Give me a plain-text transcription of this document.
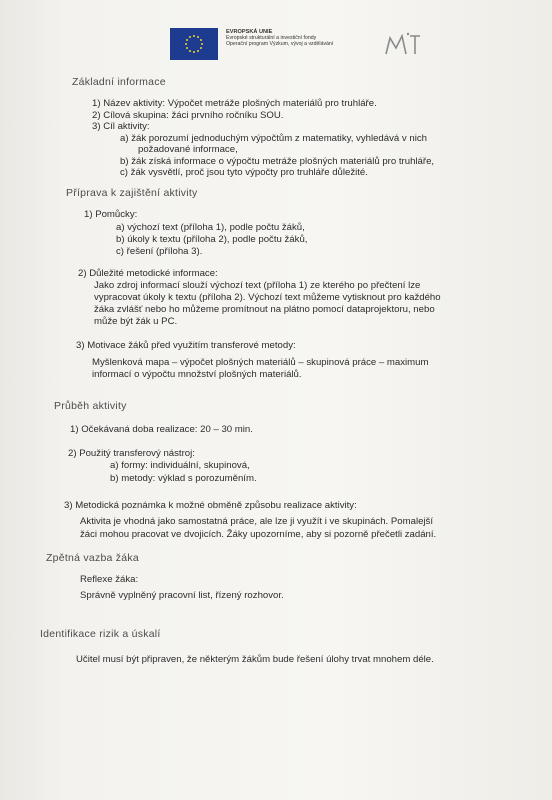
EVROPSKÁ UNIE
Evropské strukturální a investiční fondy
Operační program Výzkum, vývoj a vzdělávání
Základní informace
1) Název aktivity: Výpočet metráže plošných materiálů pro truhláře.
2) Cílová skupina: žáci prvního ročníku SOU.
3) Cíl aktivity:
a) žák porozumí jednoduchým výpočtům z matematiky, vyhledává v nich
požadované informace,
b) žák získá informace o výpočtu metráže plošných materiálů pro truhláře,
c) žák vysvětlí, proč jsou tyto výpočty pro truhláře důležité.
Příprava k zajištění aktivity
1) Pomůcky:
a) výchozí text (příloha 1), podle počtu žáků,
b) úkoly k textu (příloha 2), podle počtu žáků,
c) řešení (příloha 3).
2) Důležité metodické informace:
Jako zdroj informací slouží výchozí text (příloha 1) ze kterého po přečtení lze
vypracovat úkoly k textu (příloha 2). Výchozí text můžeme vytisknout pro každého
žáka zvlášť nebo ho můžeme promítnout na plátno pomocí dataprojektoru, nebo
může být žák u PC.
3) Motivace žáků před využitím transferové metody:
Myšlenková mapa – výpočet plošných materiálů – skupinová práce – maximum
informací o výpočtu množství plošných materiálů.
Průběh aktivity
1) Očekávaná doba realizace: 20 – 30 min.
2) Použitý transferový nástroj:
a) formy: individuální, skupinová,
b) metody: výklad s porozuměním.
3) Metodická poznámka k možné obměně způsobu realizace aktivity:
Aktivita je vhodná jako samostatná práce, ale lze ji využít i ve skupinách. Pomalejší
žáci mohou pracovat ve dvojicích. Žáky upozorníme, aby si pozorně přečetli zadání.
Zpětná vazba žáka
Reflexe žáka:
Správně vyplněný pracovní list, řízený rozhovor.
Identifikace rizik a úskalí
Učitel musí být připraven, že některým žákům bude řešení úlohy trvat mnohem déle.
